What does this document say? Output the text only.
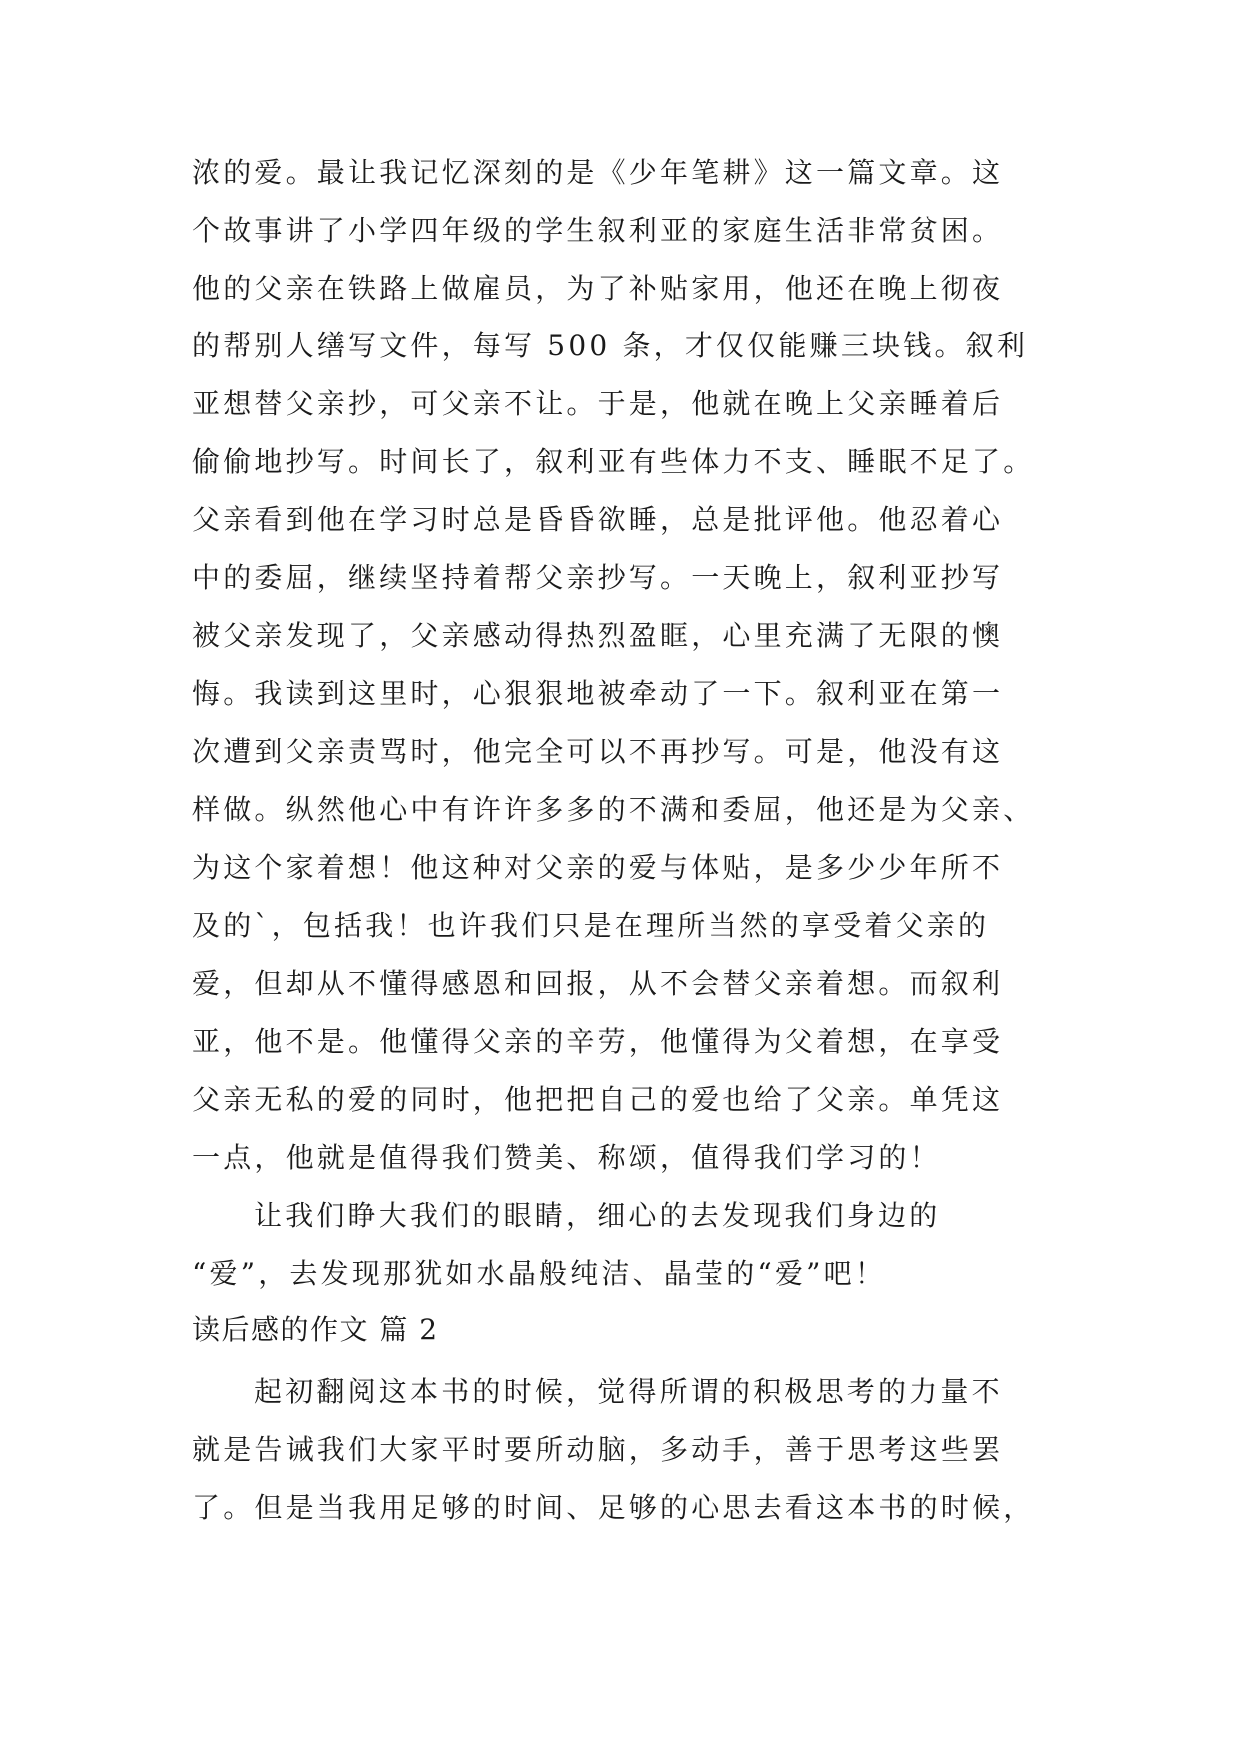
浓的爱。最让我记忆深刻的是《少年笔耕》这一篇文章。这
个故事讲了小学四年级的学生叙利亚的家庭生活非常贫困。
他的父亲在铁路上做雇员，为了补贴家用，他还在晚上彻夜
的帮别人缮写文件，每写 500 条，才仅仅能赚三块钱。叙利
亚想替父亲抄，可父亲不让。于是，他就在晚上父亲睡着后
偷偷地抄写。时间长了，叙利亚有些体力不支、睡眠不足了。
父亲看到他在学习时总是昏昏欲睡，总是批评他。他忍着心
中的委屈，继续坚持着帮父亲抄写。一天晚上，叙利亚抄写
被父亲发现了，父亲感动得热烈盈眶，心里充满了无限的懊
悔。我读到这里时，心狠狠地被牵动了一下。叙利亚在第一
次遭到父亲责骂时，他完全可以不再抄写。可是，他没有这
样做。纵然他心中有许许多多的不满和委屈，他还是为父亲、
为这个家着想！他这种对父亲的爱与体贴，是多少少年所不
及的`，包括我！也许我们只是在理所当然的享受着父亲的
爱，但却从不懂得感恩和回报，从不会替父亲着想。而叙利
亚，他不是。他懂得父亲的辛劳，他懂得为父着想，在享受
父亲无私的爱的同时，他把把自己的爱也给了父亲。单凭这
一点，他就是值得我们赞美、称颂，值得我们学习的！
让我们睁大我们的眼睛，细心的去发现我们身边的
“爱”，去发现那犹如水晶般纯洁、晶莹的“爱”吧！
读后感的作文 篇 2
起初翻阅这本书的时候，觉得所谓的积极思考的力量不
就是告诫我们大家平时要所动脑，多动手，善于思考这些罢
了。但是当我用足够的时间、足够的心思去看这本书的时候，
